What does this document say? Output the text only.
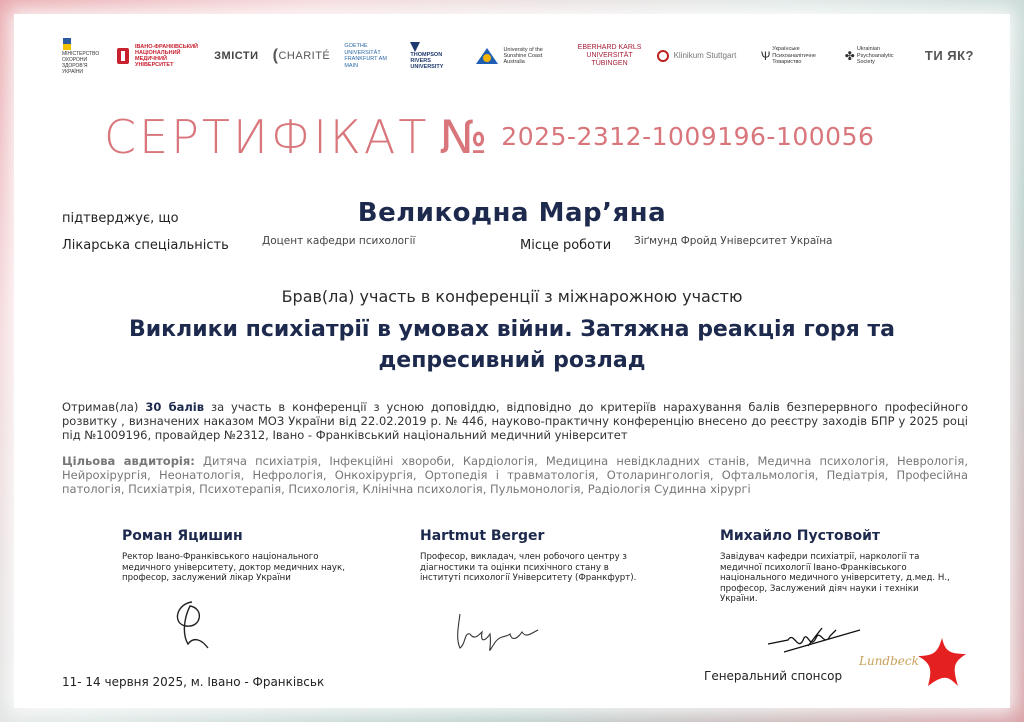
МІНІСТЕРСТВО ОХОРОНИ ЗДОРОВʼЯ УКРАЇНИ
ІВАНО-ФРАНКІВСЬКИЙ НАЦІОНАЛЬНИЙ МЕДИЧНИЙ УНІВЕРСИТЕТ
ЗМІСТИ (CHARITÉ
GOETHE UNIVERSITÄT FRANKFURT AM MAIN
THOMPSON RIVERS UNIVERSITY
University of the Sunshine Coast Australia
EBERHARD KARLS UNIVERSITÄT TÜBINGEN
Klinikum Stuttgart	Ѱ Українське Психоаналітичне Товариство	✤ Ukrainian Psychoanalytic Society	ТИ ЯК?
СЕРТИФІКАТ № 2025-2312-1009196-100056
підтверджує, що	Великодна Мар’яна
Лікарська спеціальність	Доцент кафедри психології	Місце роботи Зіґмунд Фройд Університет Україна
Брав(ла) участь в конференції з міжнарожною участю
Виклики психіатрії в умовах війни. Затяжна реакція горя та депресивний розлад
Отримав(ла) 30 балів за участь в конференції з усною доповіддю, відповідно до критеріїв нарахування балів безперервного професійного розвитку , визначених наказом МОЗ України від 22.02.2019 р. № 446, науково-практичну конференцію внесено до реєстру заходів БПР у 2025 році під №1009196, провайдер №2312, Івано - Франківський національний медичний університет
Цільова авдиторія: Дитяча психіатрія, Інфекційні хвороби, Кардіологія, Медицина невідкладних станів, Медична психологія, Неврологія, Нейрохірургія, Неонатологія, Нефрологія, Онкохірургія, Ортопедія і травматологія, Отоларингологія, Офтальмологія, Педіатрія, Професійна патологія, Психіатрія, Психотерапія, Психологія, Клінічна психологія, Пульмонологія, Радіологія Судинна хірургі
Роман Яцишин
Ректор Івано-Франківського національного медичного університету, доктор медичних наук, професор, заслужений лікар України
Hartmut Berger
Професор, викладач, член робочого центру з діагностики та оцінки психічного стану в інституті психології Університету (Франкфурт).
Михайло Пустовойт
Завідувач кафедри психіатрії, наркології та медичної психології Івано-Франківського національного медичного університету, д.мед. Н., професор, Заслужений діяч науки і техніки України.
11- 14 червня 2025, м. Івано - Франківськ	Генеральний спонсор
Lundbeck
